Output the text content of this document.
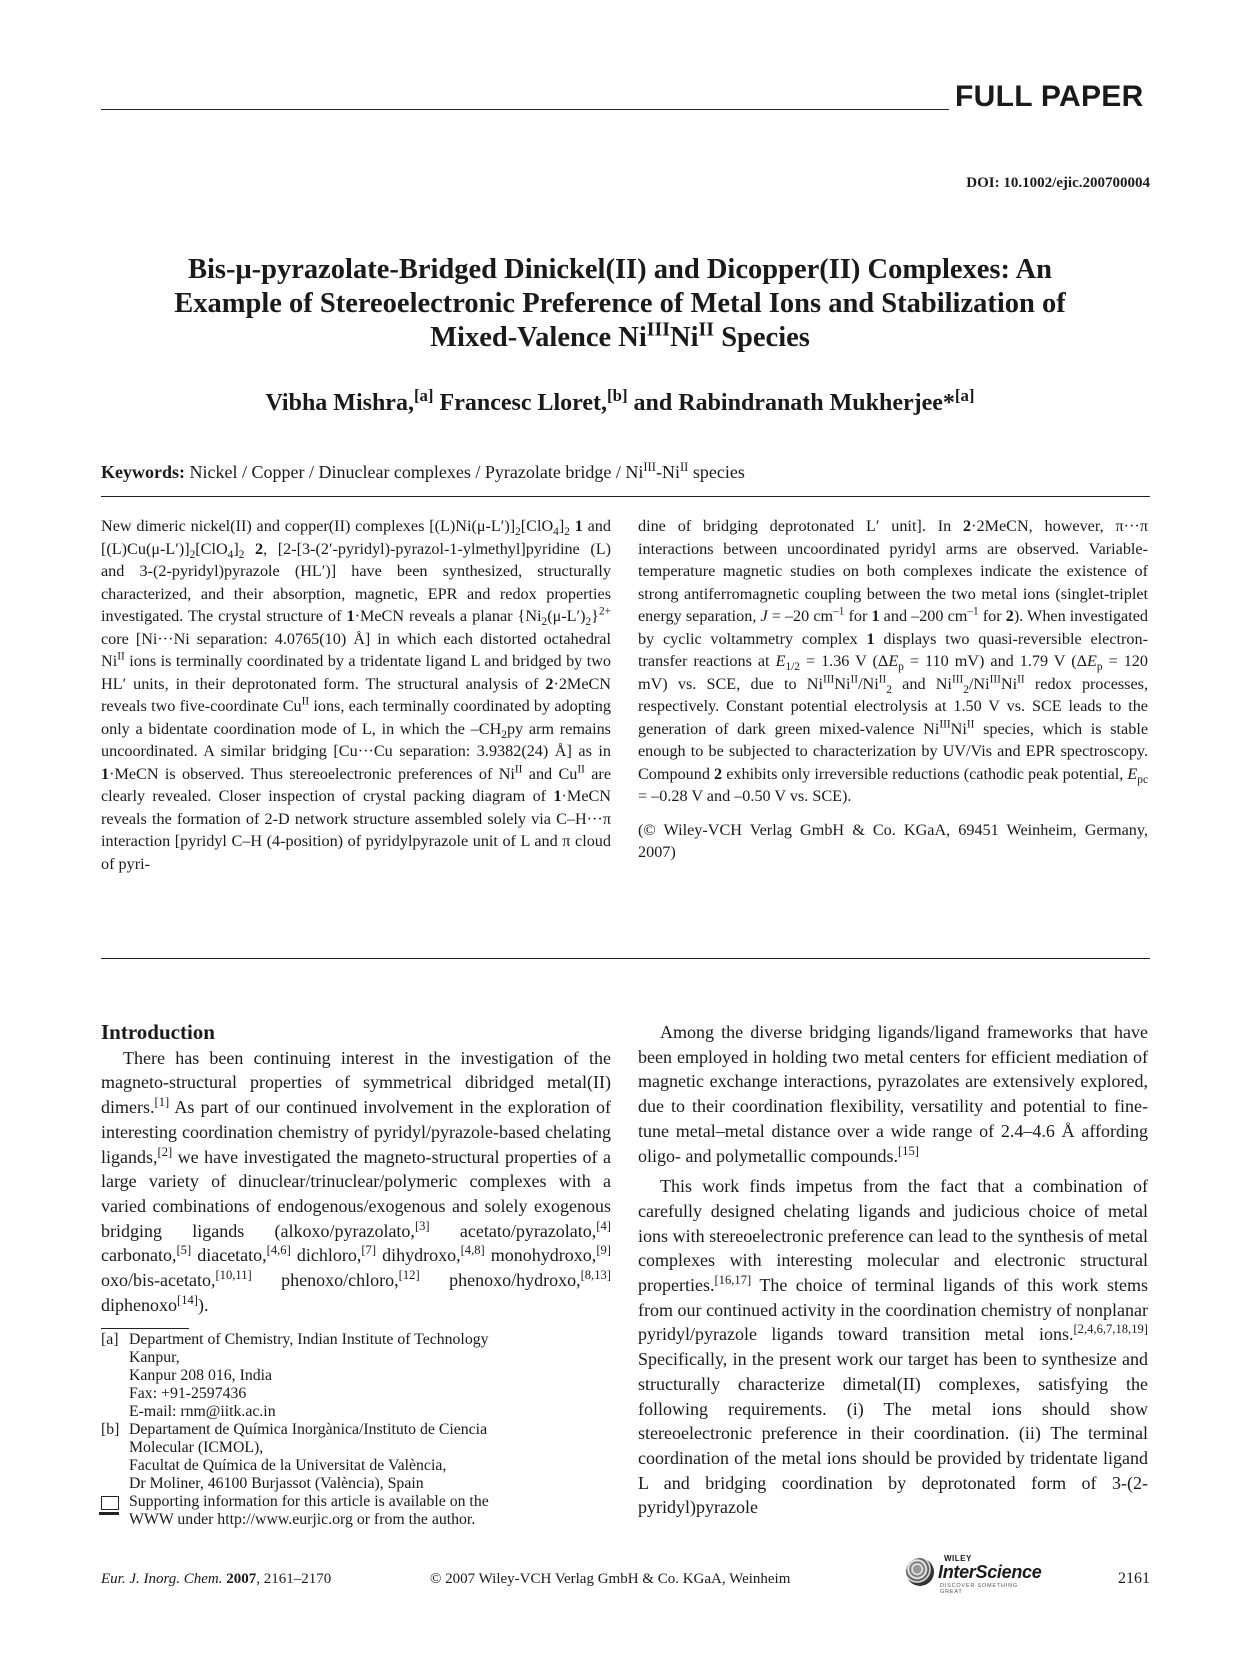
FULL PAPER
DOI: 10.1002/ejic.200700004
Bis-μ-pyrazolate-Bridged Dinickel(II) and Dicopper(II) Complexes: An
Example of Stereoelectronic Preference of Metal Ions and Stabilization of
Mixed-Valence $Ni^{III}Ni^{II}$ Species
Vibha Mishra,[a] Francesc Lloret,[b] and Rabindranath Mukherjee*[a]
Keywords: Nickel / Copper / Dinuclear complexes / Pyrazolate bridge / $Ni^{III}-Ni^{II}$ species
New dimeric nickel(II) and copper(II) complexes $[(L)Ni(\mu-L')]_2[ClO_4]_2$ 1 and $[(L)Cu(\mu-L')]_2[ClO_4]_2$ 2, [2-[3-(2′-pyridyl)-pyrazol-1-ylmethyl]pyridine (L) and 3-(2-pyridyl)pyrazole (HL′)] have been synthesized, structurally characterized, and their absorption, magnetic, EPR and redox properties investigated. The crystal structure of 1·MeCN reveals a planar $\{Ni_2(\mu-L')_2\}^{2+}$ core [Ni···Ni separation: 4.0765(10) Å] in which each distorted octahedral $Ni^{II}$ ions is terminally coordinated by a tridentate ligand L and bridged by two HL′ units, in their deprotonated form. The structural analysis of 2·2MeCN reveals two five-coordinate $Cu^{II}$ ions, each terminally coordinated by adopting only a bidentate coordination mode of L, in which the $-CH_2py$ arm remains uncoordinated. A similar bridging [Cu···Cu separation: 3.9382(24) Å] as in 1·MeCN is observed. Thus stereoelectronic preferences of $Ni^{II}$ and $Cu^{II}$ are clearly revealed. Closer inspection of crystal packing diagram of 1·MeCN reveals the formation of 2-D network structure assembled solely via C–H···π interaction [pyridyl C–H (4-position) of pyridylpyrazole unit of L and π cloud of pyri-

dine of bridging deprotonated L′ unit]. In 2·2MeCN, however, π···π interactions between uncoordinated pyridyl arms are observed. Variable-temperature magnetic studies on both complexes indicate the existence of strong antiferromagnetic coupling between the two metal ions (singlet-triplet energy separation, J = –20 $cm^{-1}$ for 1 and –200 $cm^{-1}$ for 2). When investigated by cyclic voltammetry complex 1 displays two quasi-reversible electron-transfer reactions at $E_{1/2} = 1.36$ V ($\Delta E_p = 110$ mV) and 1.79 V ($\Delta E_p = 120$ mV) vs. SCE, due to $Ni^{III}Ni^{II}/Ni^{II}_2$ and $Ni^{III}_2/Ni^{III}Ni^{II}$ redox processes, respectively. Constant potential electrolysis at 1.50 V vs. SCE leads to the generation of dark green mixed-valence $Ni^{III}Ni^{II}$ species, which is stable enough to be subjected to characterization by UV/Vis and EPR spectroscopy. Compound 2 exhibits only irreversible reductions (cathodic peak potential, $E_{pc} = -0.28$ V and –0.50 V vs. SCE).

(© Wiley-VCH Verlag GmbH & Co. KGaA, 69451 Weinheim, Germany, 2007)

Introduction

There has been continuing interest in the investigation of the magneto-structural properties of symmetrical dibridged metal(II) dimers.[1] As part of our continued involvement in the exploration of interesting coordination chemistry of pyridyl/pyrazole-based chelating ligands,[2] we have investigated the magneto-structural properties of a large variety of dinuclear/trinuclear/polymeric complexes with a varied combinations of endogenous/exogenous and solely exogenous bridging ligands (alkoxo/pyrazolato,[3] acetato/pyrazolato,[4] carbonato,[5] diacetato,[4,6] dichloro,[7] dihydroxo,[4,8] monohydroxo,[9] oxo/bis-acetato,[10,11] phenoxo/chloro,[12] phenoxo/hydroxo,[8,13] diphenoxo[14]).

[a] Department of Chemistry, Indian Institute of Technology
Kanpur,
Kanpur 208 016, India
Fax: +91-2597436
E-mail: rnm@iitk.ac.in
[b] Departament de Química Inorgànica/Instituto de Ciencia
Molecular (ICMOL),
Facultat de Química de la Universitat de València,
Dr Moliner, 46100 Burjassot (València), Spain
Supporting information for this article is available on the
WWW under http://www.eurjic.org or from the author.

Among the diverse bridging ligands/ligand frameworks that have been employed in holding two metal centers for efficient mediation of magnetic exchange interactions, pyrazolates are extensively explored, due to their coordination flexibility, versatility and potential to fine-tune metal–metal distance over a wide range of 2.4–4.6 Å affording oligo- and polymetallic compounds.[15]

This work finds impetus from the fact that a combination of carefully designed chelating ligands and judicious choice of metal ions with stereoelectronic preference can lead to the synthesis of metal complexes with interesting molecular and electronic structural properties.[16,17] The choice of terminal ligands of this work stems from our continued activity in the coordination chemistry of nonplanar pyridyl/pyrazole ligands toward transition metal ions.[2,4,6,7,18,19] Specifically, in the present work our target has been to synthesize and structurally characterize dimetal(II) complexes, satisfying the following requirements. (i) The metal ions should show stereoelectronic preference in their coordination. (ii) The terminal coordination of the metal ions should be provided by tridentate ligand L and bridging coordination by deprotonated form of 3-(2-pyridyl)pyrazole

Eur. J. Inorg. Chem. 2007, 2161–2170	© 2007 Wiley-VCH Verlag GmbH & Co. KGaA, Weinheim
WILEY
InterScience
DISCOVER SOMETHING GREAT
2161
